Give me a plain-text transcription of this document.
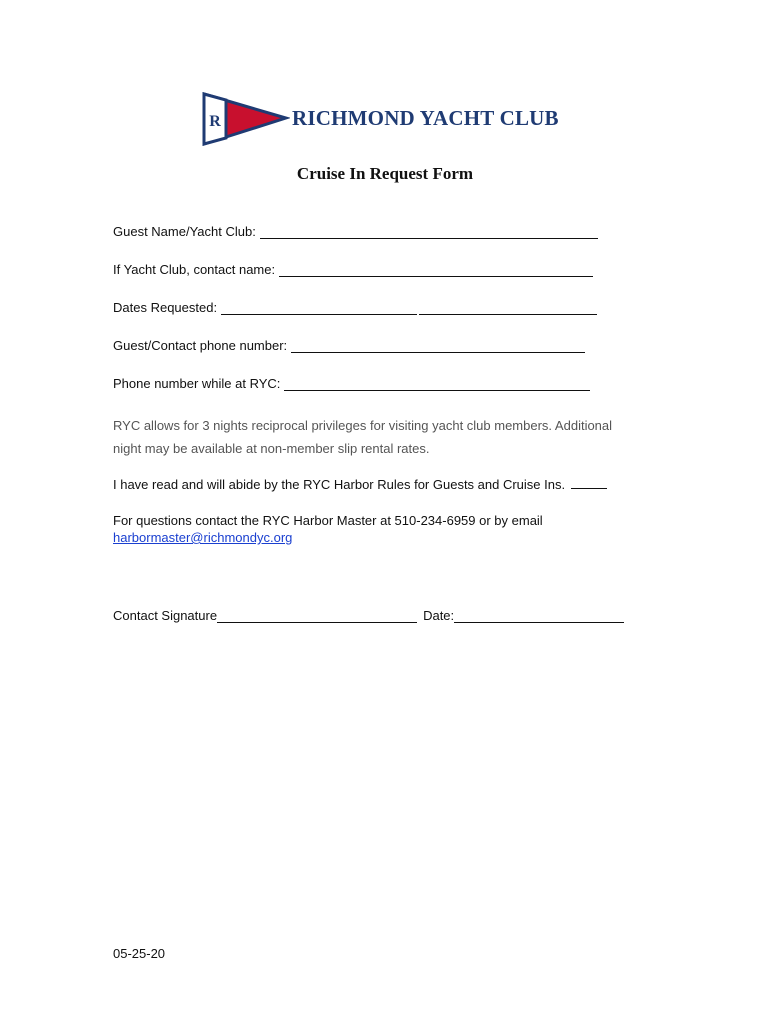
R	RICHMOND YACHT CLUB
Cruise In Request Form
Guest Name/Yacht Club:
If Yacht Club, contact name:
Dates Requested:
Guest/Contact phone number:
Phone number while at RYC:
RYC allows for 3 nights reciprocal privileges for visiting yacht club members. Additional
night may be available at non-member slip rental rates.
I have read and will abide by the RYC Harbor Rules for Guests and Cruise Ins.
For questions contact the RYC Harbor Master at 510-234-6959 or by email
harbormaster@richmondyc.org
Contact Signature	Date:
05-25-20
